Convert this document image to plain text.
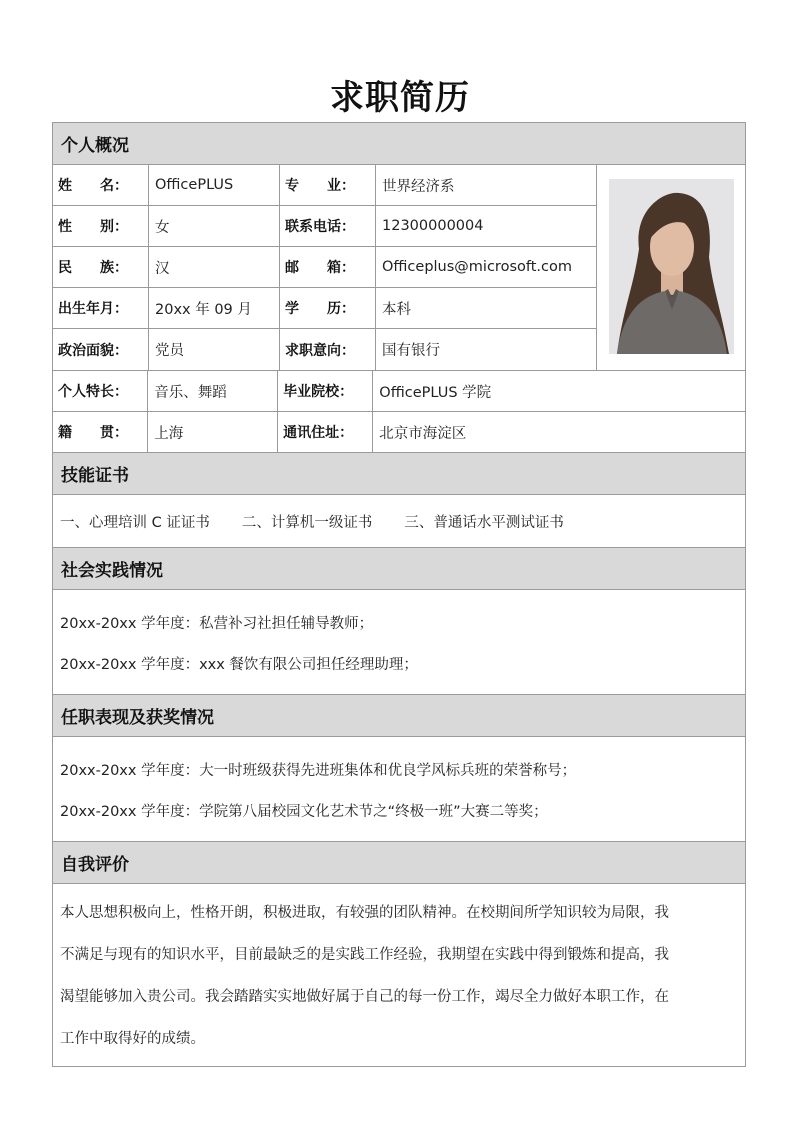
求职简历
个人概况
姓　　名：	OfficePLUS	专　　业：	世界经济系
性　　别：	女	联系电话：	12300000004
民　　族：	汉	邮　　箱：	Officeplus@microsoft.com
出生年月：	20xx 年 09 月	学　　历：	本科
政治面貌：	党员	求职意向：	国有银行
个人特长：	音乐、舞蹈	毕业院校：	OfficePLUS 学院
籍　　贯：	上海	通讯住址：	北京市海淀区
技能证书
一、心理培训 C 证证书 二、计算机一级证书 三、普通话水平测试证书
社会实践情况
20xx-20xx 学年度：私营补习社担任辅导教师；
20xx-20xx 学年度：xxx 餐饮有限公司担任经理助理；
任职表现及获奖情况
20xx-20xx 学年度：大一时班级获得先进班集体和优良学风标兵班的荣誉称号；
20xx-20xx 学年度：学院第八届校园文化艺术节之“终极一班”大赛二等奖；
自我评价
本人思想积极向上，性格开朗，积极进取，有较强的团队精神。在校期间所学知识较为局限，我
不满足与现有的知识水平，目前最缺乏的是实践工作经验，我期望在实践中得到锻炼和提高，我
渴望能够加入贵公司。我会踏踏实实地做好属于自己的每一份工作，竭尽全力做好本职工作，在
工作中取得好的成绩。
